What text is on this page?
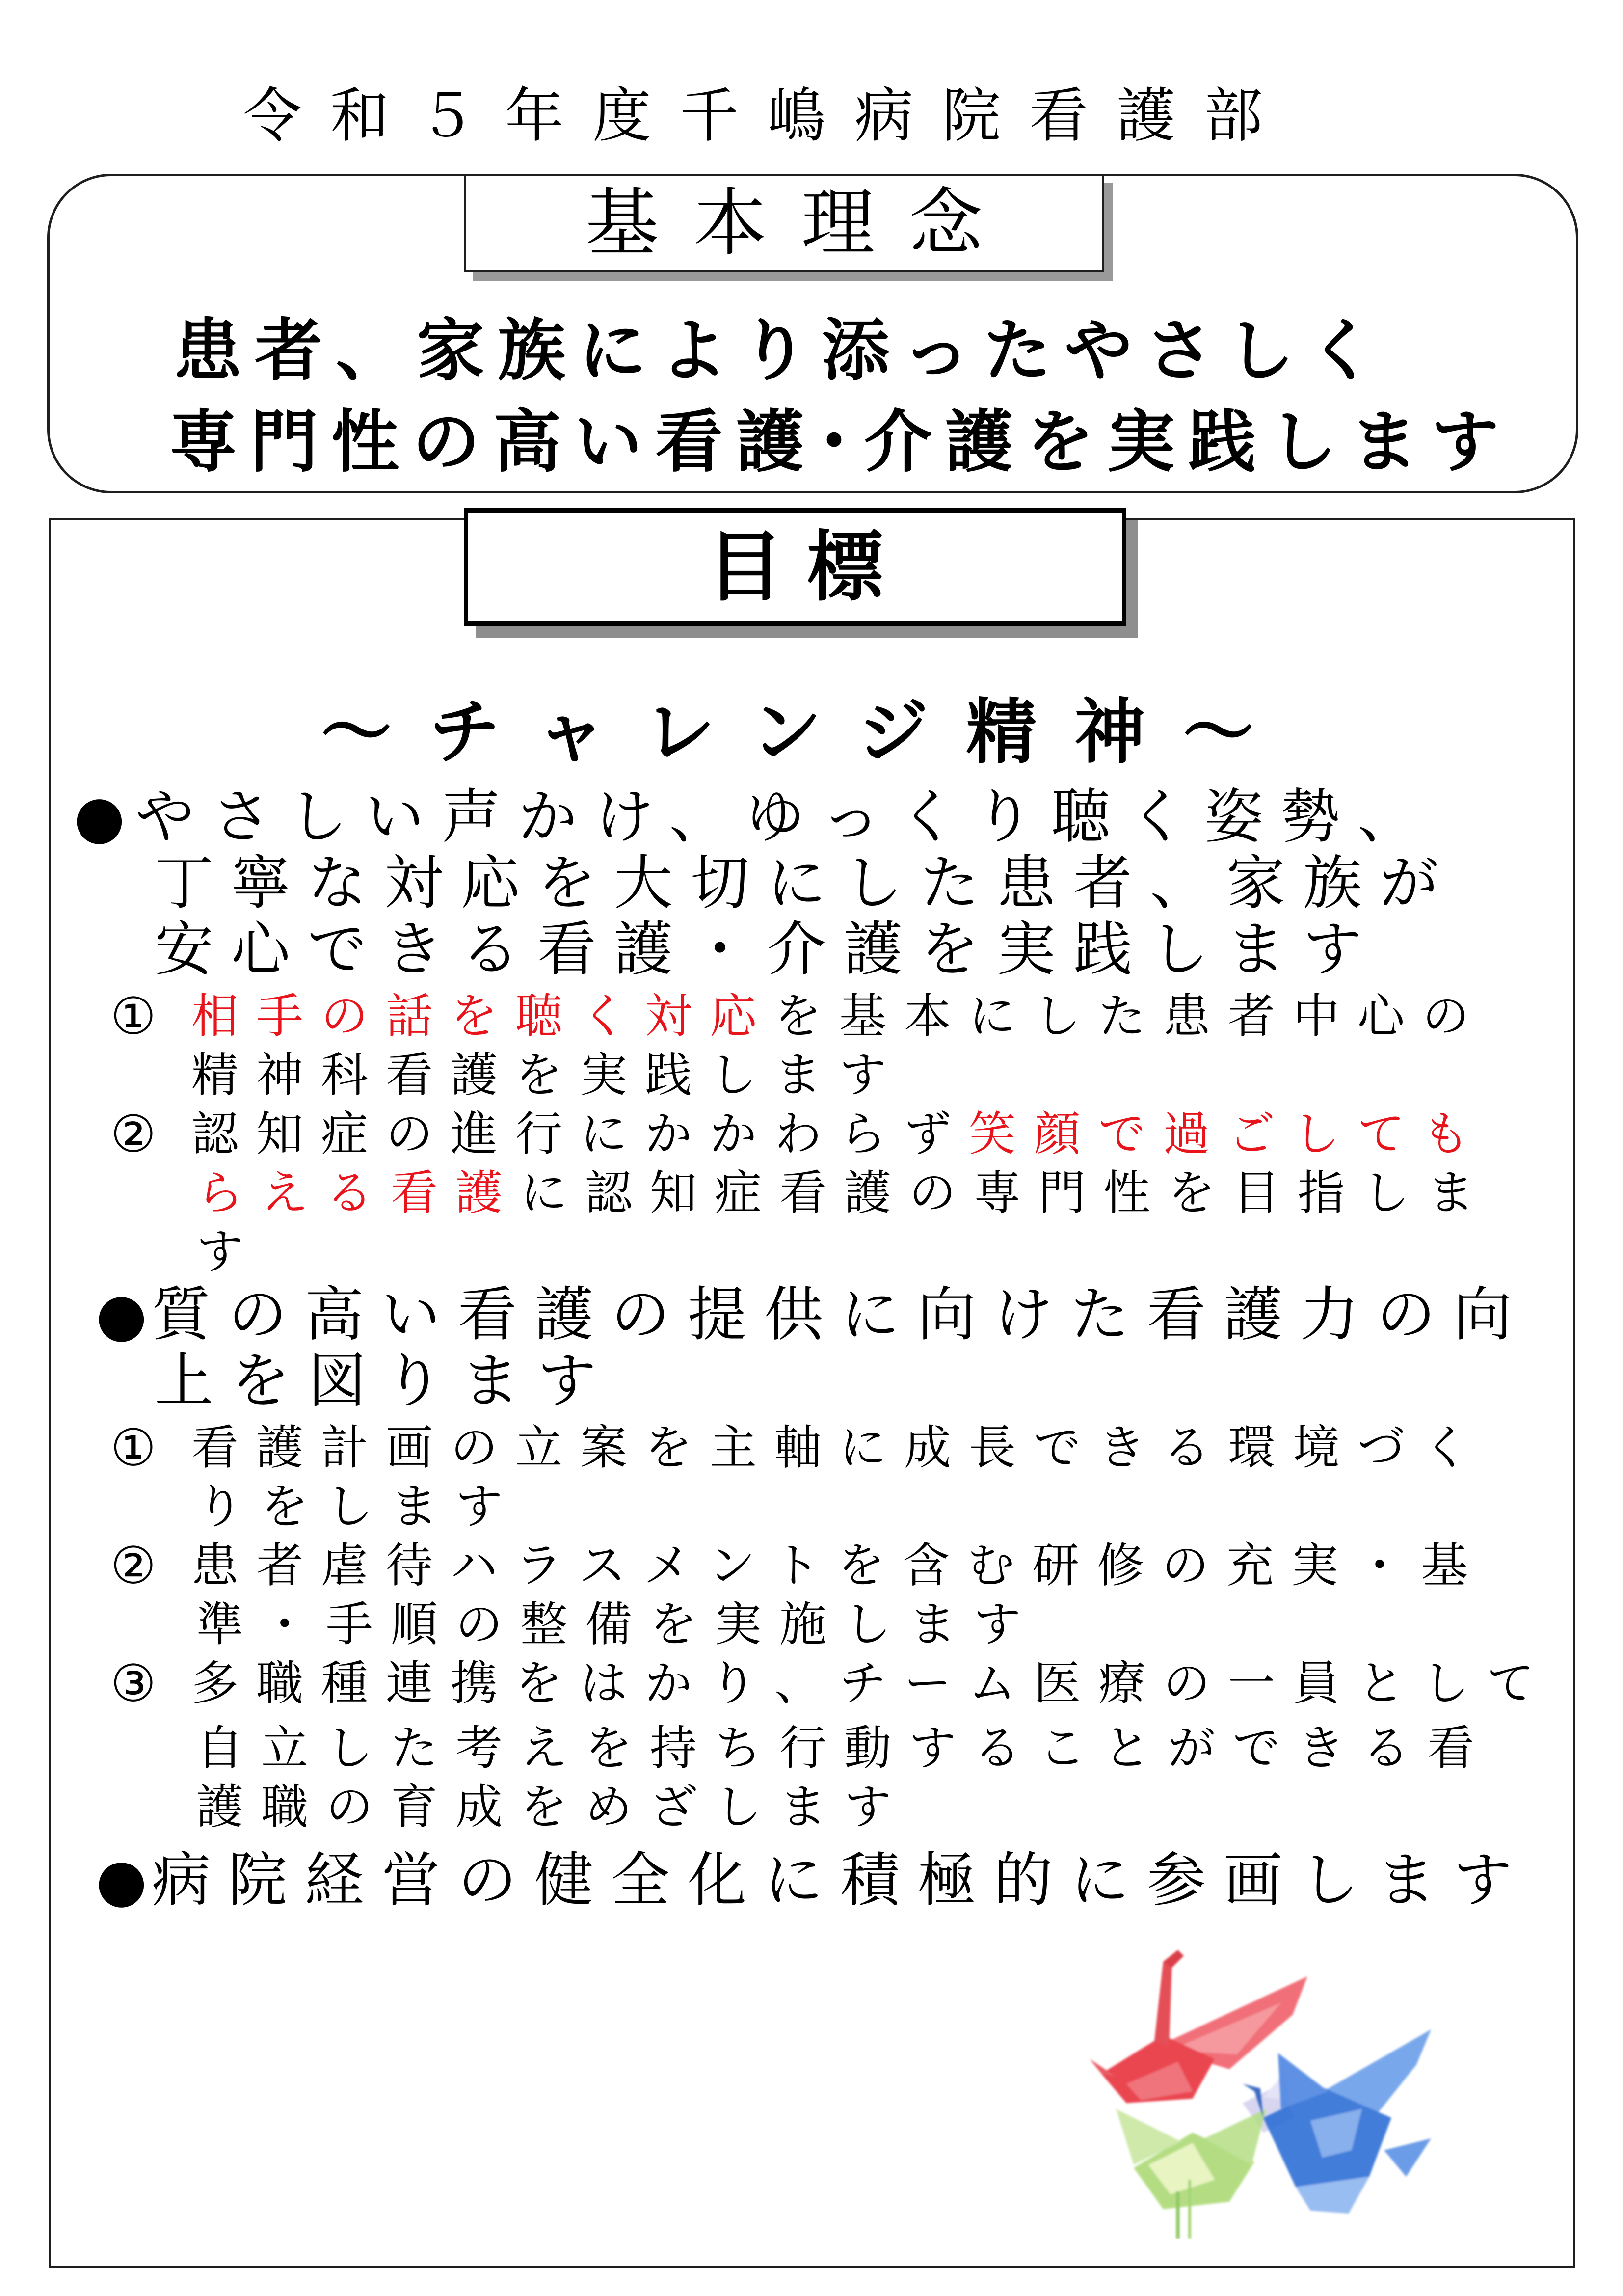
令和５年度千嶋病院看護部
基本理念
患者、家族により添ったやさしく
専門性の高い看護･介護を実践します
目標
〜チャレンジ精神〜
● やさしい声かけ、ゆっくり聴く姿勢、
丁寧な対応を大切にした患者、家族が
安心できる看護・介護を実践します
① 相手の話を聴く対応を基本にした患者中心の
精神科看護を実践します
② 認知症の進行にかかわらず笑顔で過ごしても
らえる看護に認知症看護の専門性を目指しま
す
● 質の高い看護の提供に向けた看護力の向
上を図ります
① 看護計画の立案を主軸に成長できる環境づく
りをします
② 患者虐待ハラスメントを含む研修の充実・基
準・手順の整備を実施します
③ 多職種連携をはかり、チーム医療の一員として
自立した考えを持ち行動することができる看
護職の育成をめざします
● 病院経営の健全化に積極的に参画します
